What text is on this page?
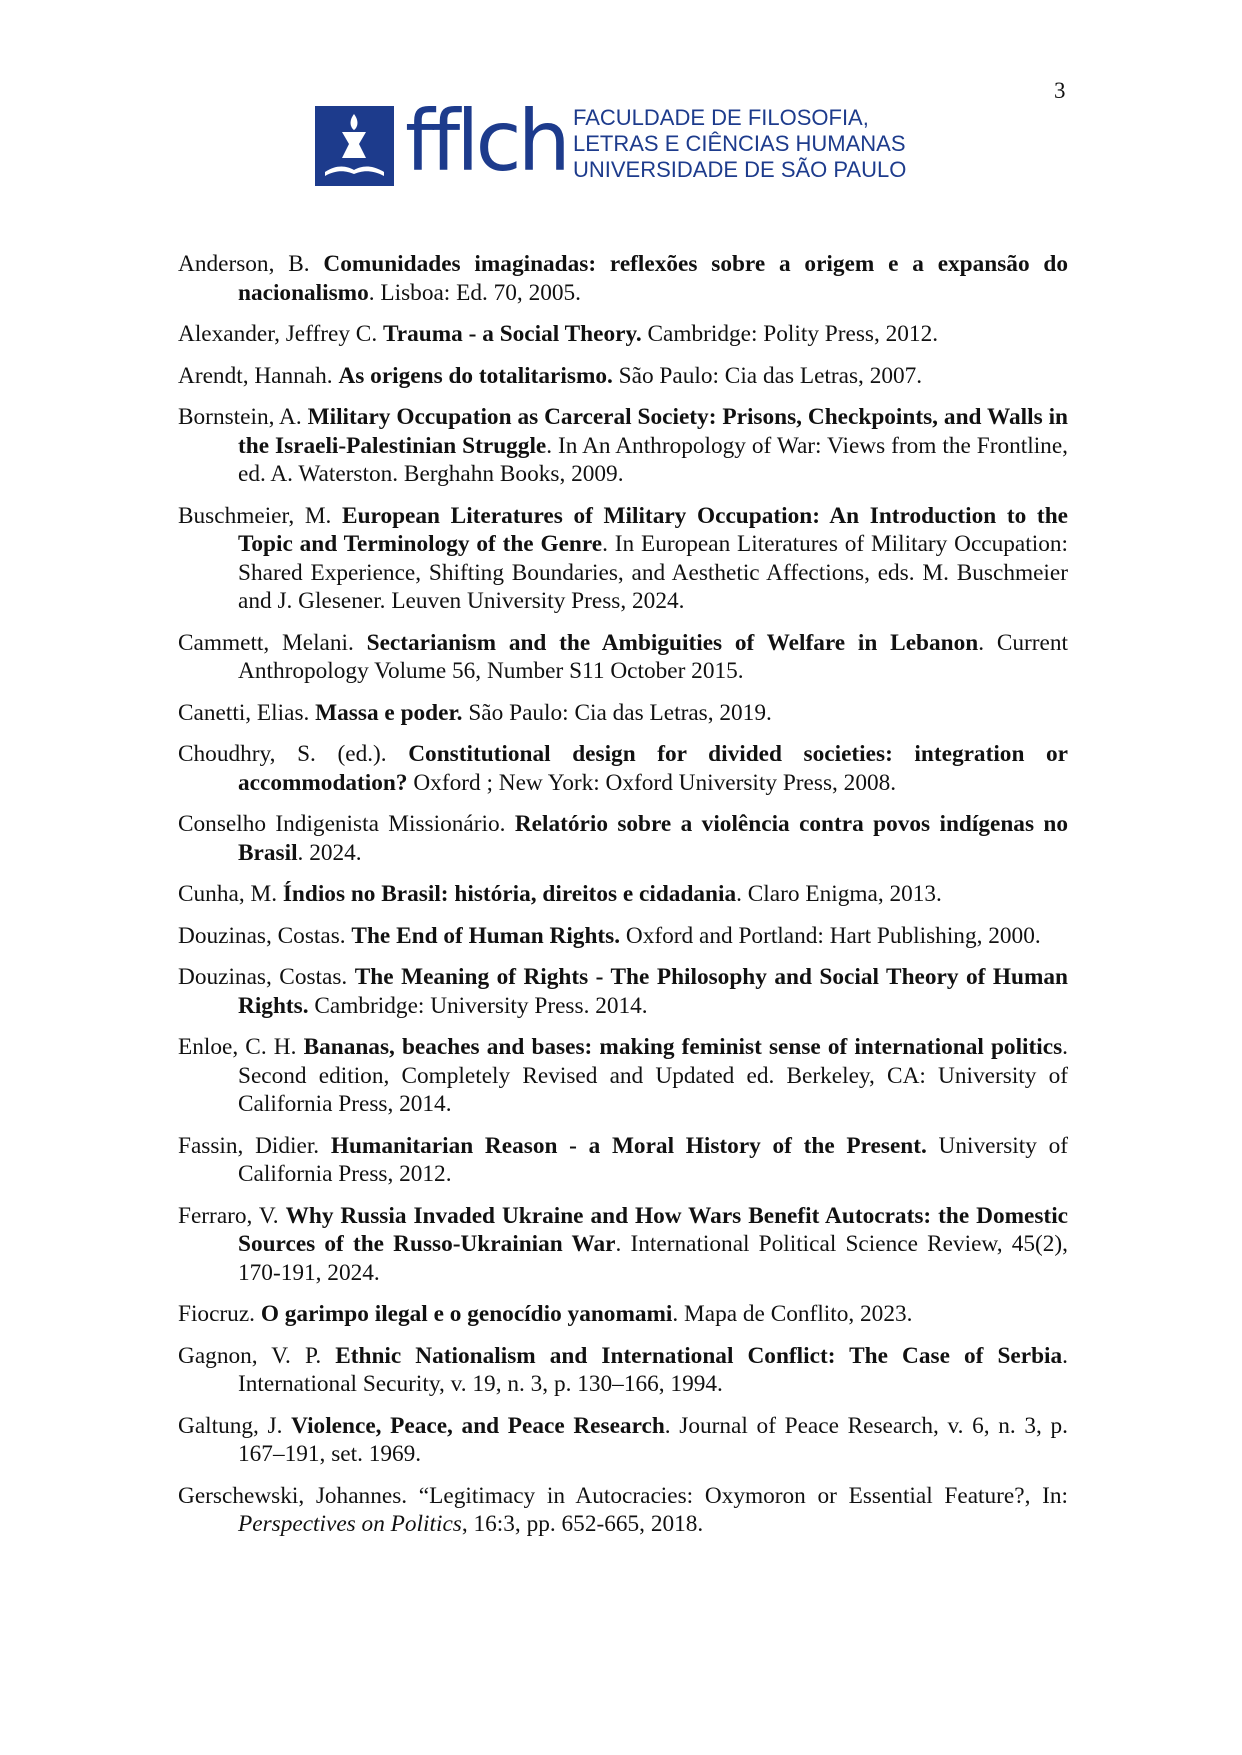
3
fflch FACULDADE DE FILOSOFIA,
LETRAS E CIÊNCIAS HUMANAS
UNIVERSIDADE DE SÃO PAULO
Anderson, B. Comunidades imaginadas: reflexões sobre a origem e a expansão do nacionalismo. Lisboa: Ed. 70, 2005.
Alexander, Jeffrey C. Trauma - a Social Theory. Cambridge: Polity Press, 2012.
Arendt, Hannah. As origens do totalitarismo. São Paulo: Cia das Letras, 2007.
Bornstein, A. Military Occupation as Carceral Society: Prisons, Checkpoints, and Walls in the Israeli-Palestinian Struggle. In An Anthropology of War: Views from the Frontline, ed. A. Waterston. Berghahn Books, 2009.
Buschmeier, M. European Literatures of Military Occupation: An Introduction to the Topic and Terminology of the Genre. In European Literatures of Military Occupation: Shared Experience, Shifting Boundaries, and Aesthetic Affections, eds. M. Buschmeier and J. Glesener. Leuven University Press, 2024.
Cammett, Melani. Sectarianism and the Ambiguities of Welfare in Lebanon. Current Anthropology Volume 56, Number S11 October 2015.
Canetti, Elias. Massa e poder. São Paulo: Cia das Letras, 2019.
Choudhry, S. (ed.). Constitutional design for divided societies: integration or accommodation? Oxford ; New York: Oxford University Press, 2008.
Conselho Indigenista Missionário. Relatório sobre a violência contra povos indígenas no Brasil. 2024.
Cunha, M. Índios no Brasil: história, direitos e cidadania. Claro Enigma, 2013.
Douzinas, Costas. The End of Human Rights. Oxford and Portland: Hart Publishing, 2000.
Douzinas, Costas. The Meaning of Rights - The Philosophy and Social Theory of Human Rights. Cambridge: University Press. 2014.
Enloe, C. H. Bananas, beaches and bases: making feminist sense of international politics. Second edition, Completely Revised and Updated ed. Berkeley, CA: University of California Press, 2014.
Fassin, Didier. Humanitarian Reason - a Moral History of the Present. University of California Press, 2012.
Ferraro, V. Why Russia Invaded Ukraine and How Wars Benefit Autocrats: the Domestic Sources of the Russo-Ukrainian War. International Political Science Review, 45(2), 170-191, 2024.
Fiocruz. O garimpo ilegal e o genocídio yanomami. Mapa de Conflito, 2023.
Gagnon, V. P. Ethnic Nationalism and International Conflict: The Case of Serbia. International Security, v. 19, n. 3, p. 130–166, 1994.
Galtung, J. Violence, Peace, and Peace Research. Journal of Peace Research, v. 6, n. 3, p. 167–191, set. 1969.
Gerschewski, Johannes. “Legitimacy in Autocracies: Oxymoron or Essential Feature?, In: Perspectives on Politics, 16:3, pp. 652-665, 2018.
